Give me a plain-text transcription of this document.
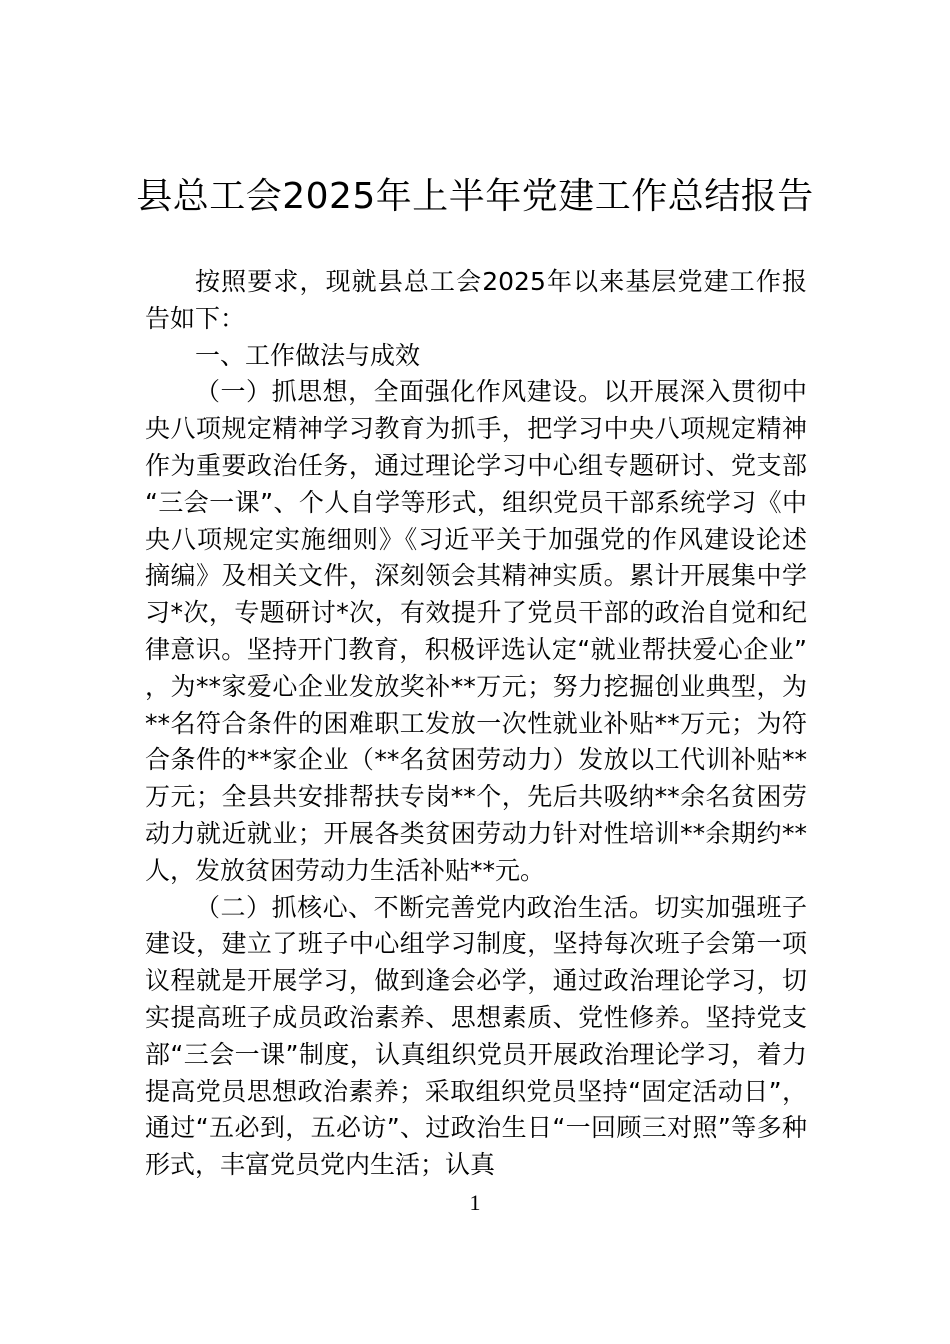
县总工会2025年上半年党建工作总结报告

按照要求，现就县总工会2025年以来基层党建工作报告如下：

一、工作做法与成效

（一）抓思想，全面强化作风建设。以开展深入贯彻中央八项规定精神学习教育为抓手，把学习中央八项规定精神作为重要政治任务，通过理论学习中心组专题研讨、党支部“三会一课”、个人自学等形式，组织党员干部系统学习《中央八项规定实施细则》《习近平关于加强党的作风建设论述摘编》及相关文件，深刻领会其精神实质。累计开展集中学习*次，专题研讨*次，有效提升了党员干部的政治自觉和纪律意识。坚持开门教育，积极评选认定“就业帮扶爱心企业”，为**家爱心企业发放奖补**万元；努力挖掘创业典型，为**名符合条件的困难职工发放一次性就业补贴**万元；为符合条件的**家企业（**名贫困劳动力）发放以工代训补贴**万元；全县共安排帮扶专岗**个，先后共吸纳**余名贫困劳动力就近就业；开展各类贫困劳动力针对性培训**余期约**人，发放贫困劳动力生活补贴**元。

（二）抓核心、不断完善党内政治生活。切实加强班子建设，建立了班子中心组学习制度，坚持每次班子会第一项议程就是开展学习，做到逢会必学，通过政治理论学习，切实提高班子成员政治素养、思想素质、党性修养。坚持党支部“三会一课”制度，认真组织党员开展政治理论学习，着力提高党员思想政治素养；采取组织党员坚持“固定活动日”，通过“五必到，五必访”、过政治生日“一回顾三对照”等多种形式，丰富党员党内生活；认真

1
